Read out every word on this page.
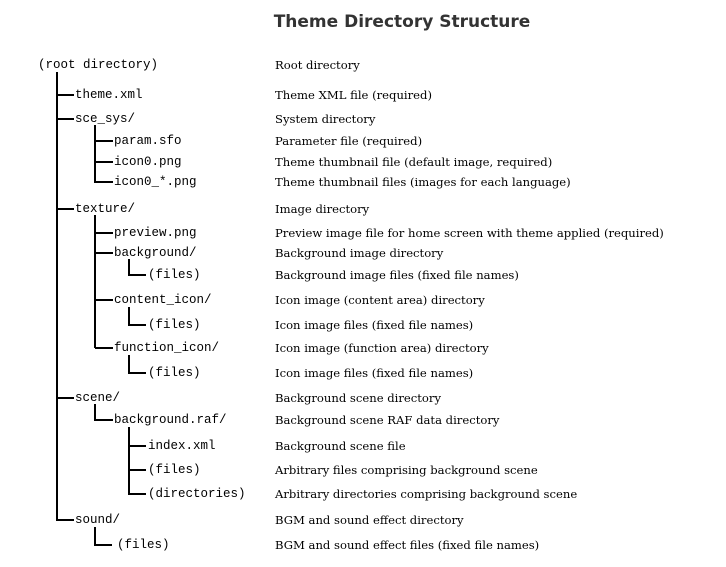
Theme Directory Structure
(root directory)	Root directory
theme.xml	Theme XML file (required)
sce_sys/	System directory
param.sfo	Parameter file (required)
icon0.png	Theme thumbnail file (default image, required)
icon0_*.png	Theme thumbnail files (images for each language)
texture/	Image directory
preview.png	Preview image file for home screen with theme applied (required)
background/	Background image directory
(files)	Background image files (fixed file names)
content_icon/	Icon image (content area) directory
(files)	Icon image files (fixed file names)
function_icon/	Icon image (function area) directory
(files)	Icon image files (fixed file names)
scene/	Background scene directory
background.raf/	Background scene RAF data directory
index.xml	Background scene file
(files)	Arbitrary files comprising background scene
(directories)	Arbitrary directories comprising background scene
sound/	BGM and sound effect directory
(files)	BGM and sound effect files (fixed file names)
